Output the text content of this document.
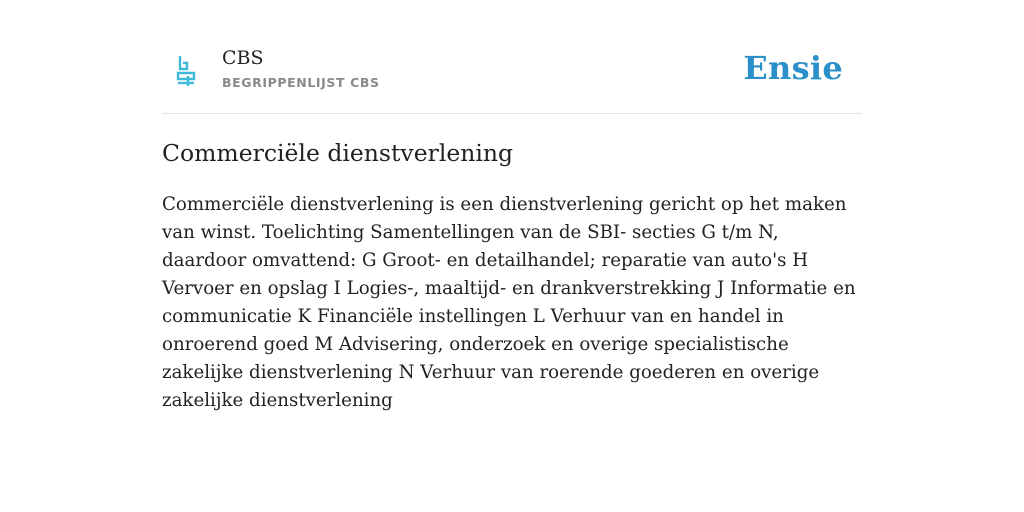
CBS
BEGRIPPENLIJST CBS	Ensie
Commerciële dienstverlening

Commerciële dienstverlening is een dienstverlening gericht op het maken van winst. Toelichting Samentellingen van de SBI- secties G t/m N, daardoor omvattend: G Groot- en detailhandel; reparatie van auto's H Vervoer en opslag I Logies-, maaltijd- en drankverstrekking J Informatie en communicatie K Financiële instellingen L Verhuur van en handel in onroerend goed M Advisering, onderzoek en overige specialistische zakelijke dienstverlening N Verhuur van roerende goederen en overige zakelijke dienstverlening
